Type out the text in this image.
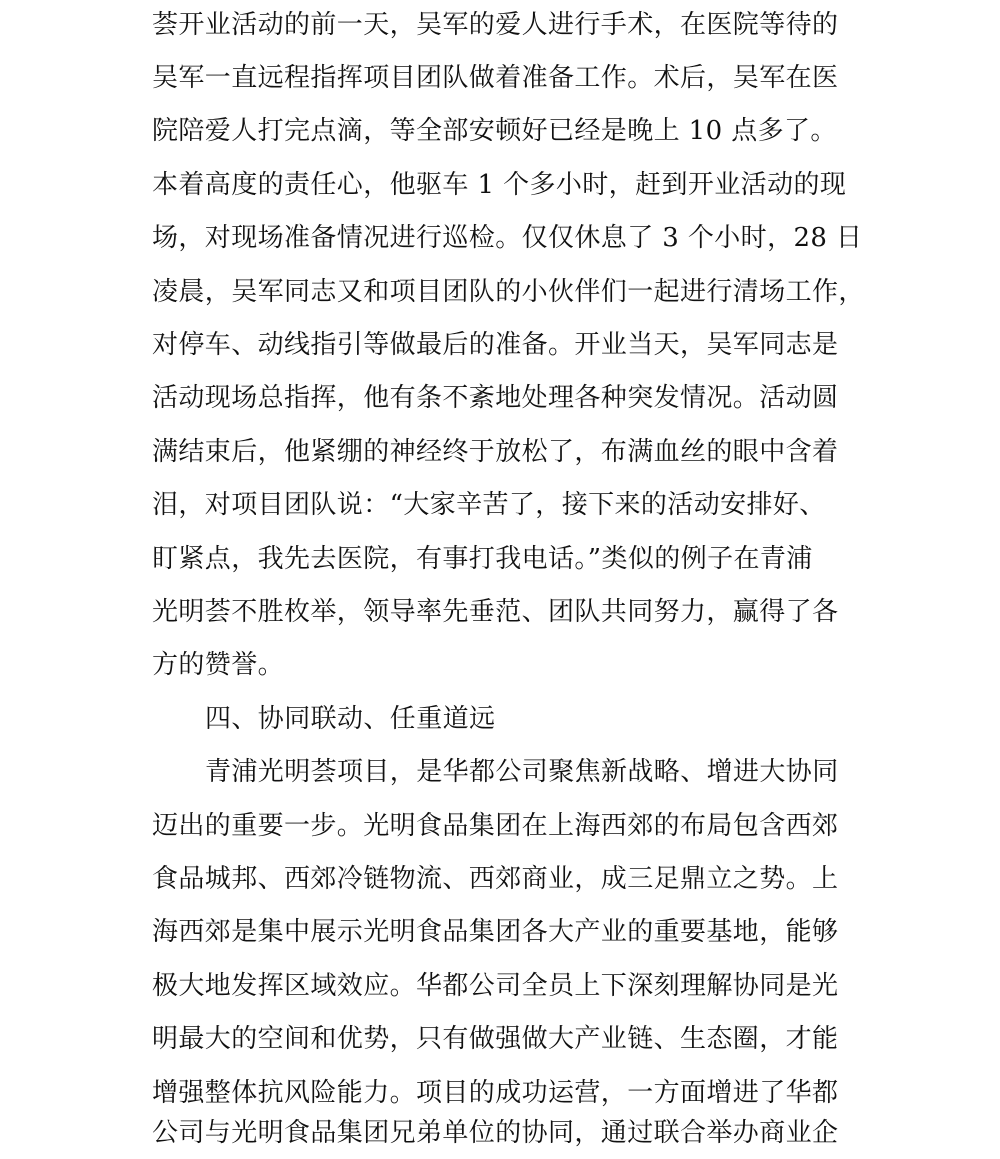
荟开业活动的前一天，吴军的爱人进行手术，在医院等待的
吴军一直远程指挥项目团队做着准备工作。术后，吴军在医
院陪爱人打完点滴，等全部安顿好已经是晚上 10 点多了。
本着高度的责任心，他驱车 1 个多小时，赶到开业活动的现
场，对现场准备情况进行巡检。仅仅休息了 3 个小时，28 日
凌晨，吴军同志又和项目团队的小伙伴们一起进行清场工作，
对停车、动线指引等做最后的准备。开业当天，吴军同志是
活动现场总指挥，他有条不紊地处理各种突发情况。活动圆
满结束后，他紧绷的神经终于放松了，布满血丝的眼中含着
泪，对项目团队说：“大家辛苦了，接下来的活动安排好、
盯紧点，我先去医院，有事打我电话。”类似的例子在青浦
光明荟不胜枚举，领导率先垂范、团队共同努力，赢得了各
方的赞誉。
四、协同联动、任重道远
青浦光明荟项目，是华都公司聚焦新战略、增进大协同
迈出的重要一步。光明食品集团在上海西郊的布局包含西郊
食品城邦、西郊冷链物流、西郊商业，成三足鼎立之势。上
海西郊是集中展示光明食品集团各大产业的重要基地，能够
极大地发挥区域效应。华都公司全员上下深刻理解协同是光
明最大的空间和优势，只有做强做大产业链、生态圈，才能
增强整体抗风险能力。项目的成功运营，一方面增进了华都
公司与光明食品集团兄弟单位的协同，通过联合举办商业企
